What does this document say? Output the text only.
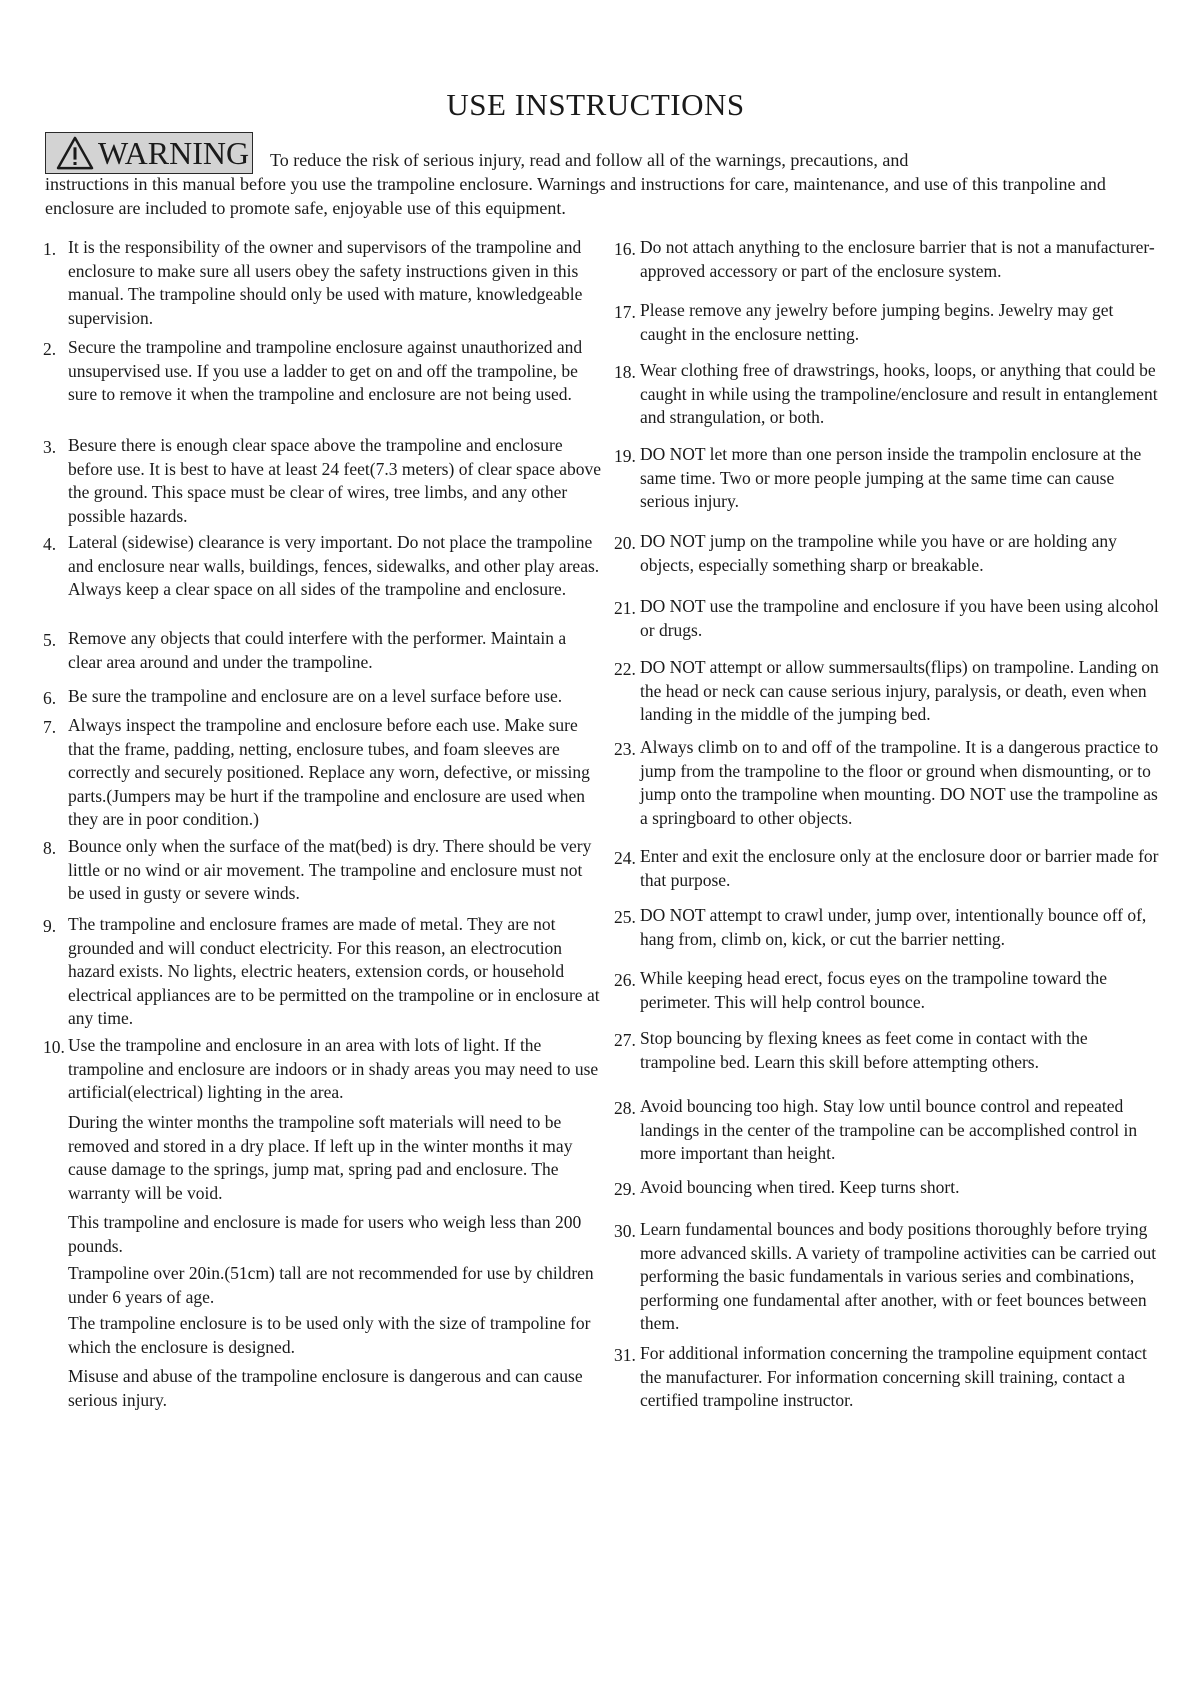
USE INSTRUCTIONS

To reduce the risk of serious injury, read and follow all of the warnings, precautions, and
instructions in this manual before you use the trampoline enclosure. Warnings and instructions for care, maintenance, and use of this tranpoline and enclosure are included to promote safe, enjoyable use of this equipment.

WARNING
1. It is the responsibility of the owner and supervisors of the trampoline and enclosure to make sure all users obey the safety instructions given in this manual. The trampoline should only be used with mature, knowledgeable supervision.
2. Secure the trampoline and trampoline enclosure against unauthorized and unsupervised use. If you use a ladder to get on and off the trampoline, be sure to remove it when the trampoline and enclosure are not being used.
3. Besure there is enough clear space above the trampoline and enclosure before use. It is best to have at least 24 feet(7.3 meters) of clear space above the ground. This space must be clear of wires, tree limbs, and any other possible hazards.
4. Lateral (sidewise) clearance is very important. Do not place the trampoline and enclosure near walls, buildings, fences, sidewalks, and other play areas. Always keep a clear space on all sides of the trampoline and enclosure.
5. Remove any objects that could interfere with the performer. Maintain a clear area around and under the trampoline.
6. Be sure the trampoline and enclosure are on a level surface before use.
7. Always inspect the trampoline and enclosure before each use. Make sure that the frame, padding, netting, enclosure tubes, and foam sleeves are correctly and securely positioned. Replace any worn, defective, or missing parts.(Jumpers may be hurt if the trampoline and enclosure are used when they are in poor condition.)
8. Bounce only when the surface of the mat(bed) is dry. There should be very little or no wind or air movement. The trampoline and enclosure must not be used in gusty or severe winds.
9. The trampoline and enclosure frames are made of metal. They are not grounded and will conduct electricity. For this reason, an electrocution hazard exists. No lights, electric heaters, extension cords, or household electrical appliances are to be permitted on the trampoline or in enclosure at any time.
10. Use the trampoline and enclosure in an area with lots of light. If the trampoline and enclosure are indoors or in shady areas you may need to use artificial(electrical) lighting in the area.
During the winter months the trampoline soft materials will need to be removed and stored in a dry place. If left up in the winter months it may cause damage to the springs, jump mat, spring pad and enclosure. The warranty will be void.
This trampoline and enclosure is made for users who weigh less than 200 pounds.
Trampoline over 20in.(51cm) tall are not recommended for use by children under 6 years of age.
The trampoline enclosure is to be used only with the size of trampoline for which the enclosure is designed.
Misuse and abuse of the trampoline enclosure is dangerous and can cause serious injury.
16. Do not attach anything to the enclosure barrier that is not a manufacturer-approved accessory or part of the enclosure system.
17. Please remove any jewelry before jumping begins. Jewelry may get caught in the enclosure netting.
18. Wear clothing free of drawstrings, hooks, loops, or anything that could be caught in while using the trampoline/enclosure and result in entanglement and strangulation, or both.
19. DO NOT let more than one person inside the trampolin enclosure at the same time. Two or more people jumping at the same time can cause serious injury.
20. DO NOT jump on the trampoline while you have or are holding any objects, especially something sharp or breakable.
21. DO NOT use the trampoline and enclosure if you have been using alcohol or drugs.
22. DO NOT attempt or allow summersaults(flips) on trampoline. Landing on the head or neck can cause serious injury, paralysis, or death, even when landing in the middle of the jumping bed.
23. Always climb on to and off of the trampoline. It is a dangerous practice to jump from the trampoline to the floor or ground when dismounting, or to jump onto the trampoline when mounting. DO NOT use the trampoline as a springboard to other objects.
24. Enter and exit the enclosure only at the enclosure door or barrier made for that purpose.
25. DO NOT attempt to crawl under, jump over, intentionally bounce off of, hang from, climb on, kick, or cut the barrier netting.
26. While keeping head erect, focus eyes on the trampoline toward the perimeter. This will help control bounce.
27. Stop bouncing by flexing knees as feet come in contact with the trampoline bed. Learn this skill before attempting others.
28. Avoid bouncing too high. Stay low until bounce control and repeated landings in the center of the trampoline can be accomplished control in more important than height.
29. Avoid bouncing when tired. Keep turns short.
30. Learn fundamental bounces and body positions thoroughly before trying more advanced skills. A variety of trampoline activities can be carried out performing the basic fundamentals in various series and combinations, performing one fundamental after another, with or feet bounces between them.
31. For additional information concerning the trampoline equipment contact the manufacturer. For information concerning skill training, contact a certified trampoline instructor.
